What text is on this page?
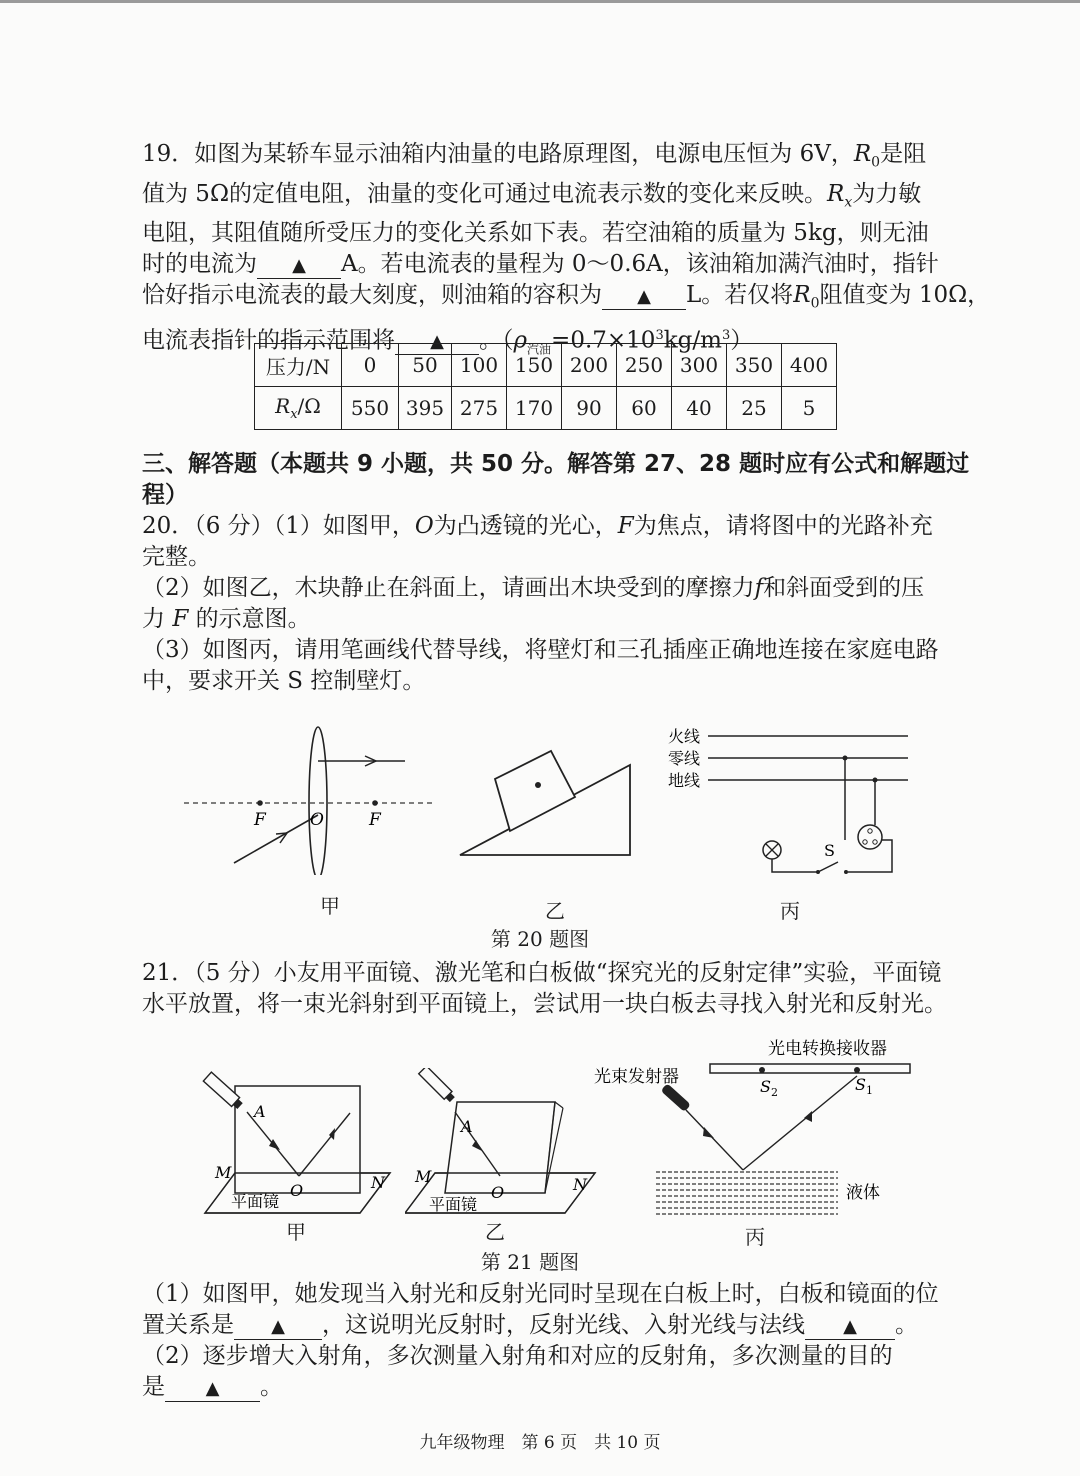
19．如图为某轿车显示油箱内油量的电路原理图，电源电压恒为 6V，$R_0$是阻
值为 5Ω的定值电阻，油量的变化可通过电流表示数的变化来反映。$R_x$为力敏
电阻，其阻值随所受压力的变化关系如下表。若空油箱的质量为 5kg，则无油
时的电流为 ▲ A。若电流表的量程为 0～0.6A，该油箱加满汽油时，指针
恰好指示电流表的最大刻度，则油箱的容积为 ▲ L。若仅将$R_0$阻值变为 10Ω，
电流表指针的指示范围将 ▲ 。$(\rho_{汽油}=0.7\times 10^3kg/m^3)$
压力/N	0	50	100	150	200	250	300	350	400
$R_x/\Omega$	550	395	275	170	90	60	40	25	5
三、解答题（本题共 9 小题，共 50 分。解答第 27、28 题时应有公式和解题过
程）
20．（6 分）（1）如图甲，O为凸透镜的光心，F为焦点，请将图中的光路补充
完整。
（2）如图乙，木块静止在斜面上，请画出木块受到的摩擦力f和斜面受到的压
力 F 的示意图。
（3）如图丙，请用笔画线代替导线，将壁灯和三孔插座正确地连接在家庭电路
中，要求开关 S 控制壁灯。
F	O	F
甲	乙
火线
零线
地线
S
丙
第 20 题图
21．（5 分）小友用平面镜、激光笔和白板做“探究光的反射定律”实验，平面镜
水平放置，将一束光斜射到平面镜上，尝试用一块白板去寻找入射光和反射光。
A
M
O	N
平面镜
甲
A
M
O	N
平面镜
乙
光电转换接收器
光束发射器	$S_2$	$S_1$
液体
丙
第 21 题图
（1）如图甲，她发现当入射光和反射光同时呈现在白板上时，白板和镜面的位
置关系是 ▲ ，这说明光反射时，反射光线、入射光线与法线 ▲ 。
（2）逐步增大入射角，多次测量入射角和对应的反射角，多次测量的目的
是 ▲ 。
九年级物理　第 6 页　共 10 页
